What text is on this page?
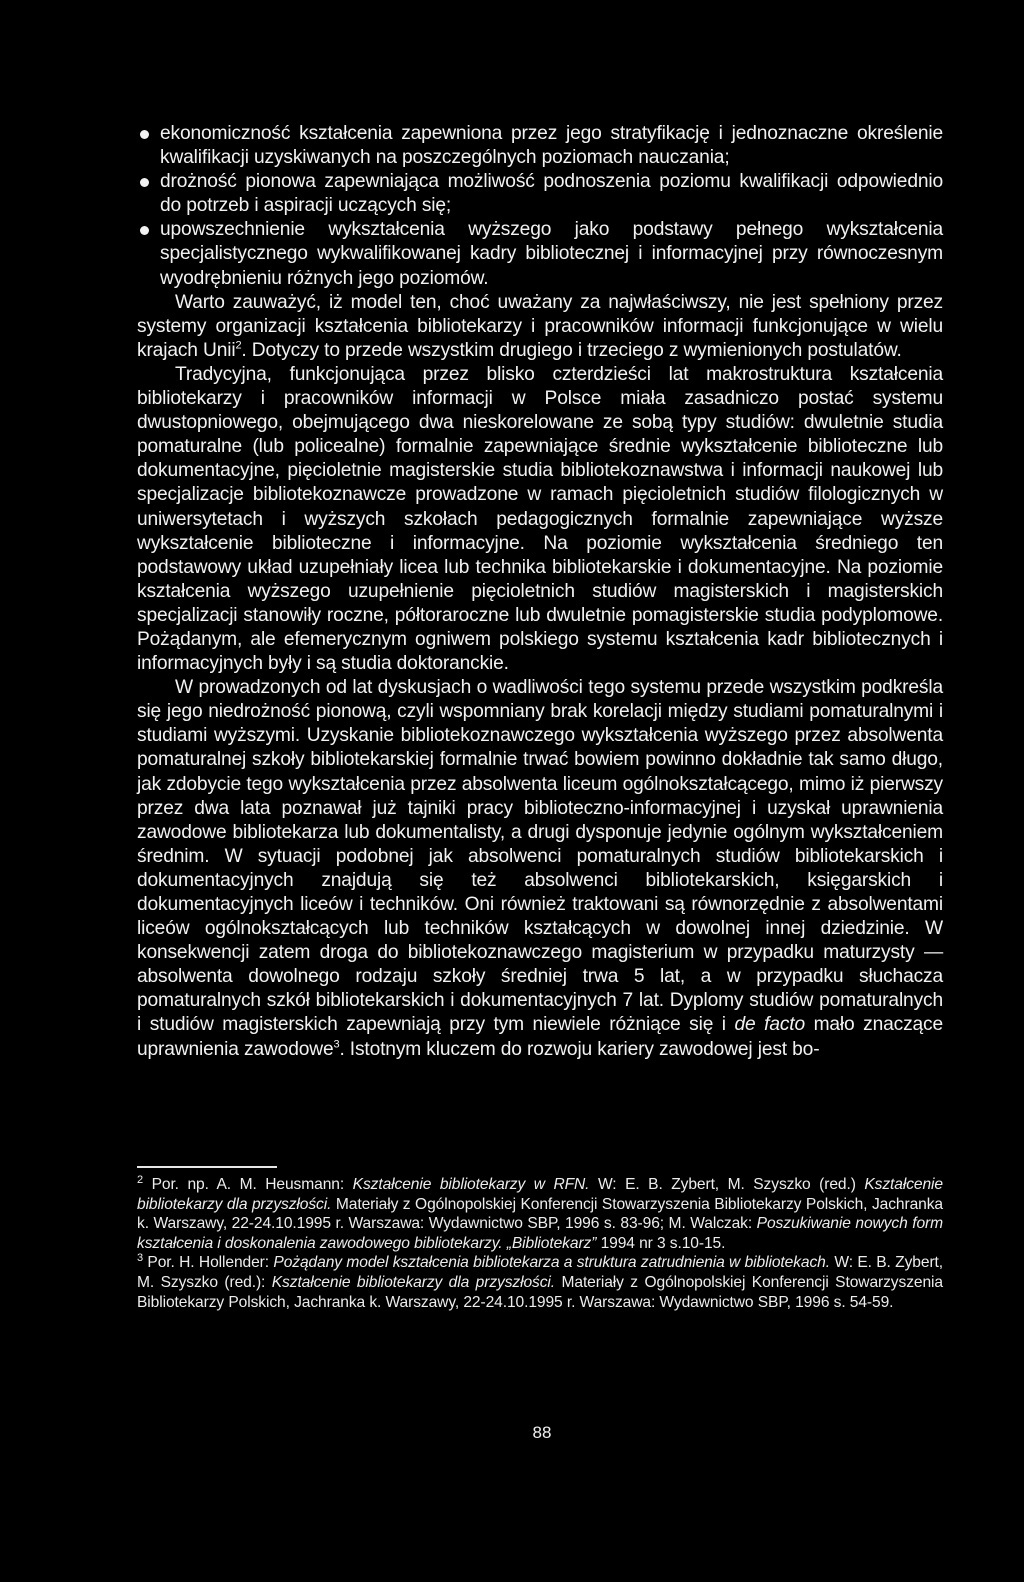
ekonomiczność kształcenia zapewniona przez jego stratyfikację i jednoznaczne określenie kwalifikacji uzyskiwanych na poszczególnych poziomach nauczania;
drożność pionowa zapewniająca możliwość podnoszenia poziomu kwalifikacji odpowiednio do potrzeb i aspiracji uczących się;
upowszechnienie wykształcenia wyższego jako podstawy pełnego wykształcenia specjalistycznego wykwalifikowanej kadry bibliotecznej i informacyjnej przy równoczesnym wyodrębnieniu różnych jego poziomów.

Warto zauważyć, iż model ten, choć uważany za najwłaściwszy, nie jest spełniony przez systemy organizacji kształcenia bibliotekarzy i pracowników informacji funkcjonujące w wielu krajach Unii$^2$. Dotyczy to przede wszystkim drugiego i trzeciego z wymienionych postulatów.

Tradycyjna, funkcjonująca przez blisko czterdzieści lat makrostruktura kształcenia bibliotekarzy i pracowników informacji w Polsce miała zasadniczo postać systemu dwustopniowego, obejmującego dwa nieskorelowane ze sobą typy studiów: dwuletnie studia pomaturalne (lub policealne) formalnie zapewniające średnie wykształcenie biblioteczne lub dokumentacyjne, pięcioletnie magisterskie studia bibliotekoznawstwa i informacji naukowej lub specjalizacje bibliotekoznawcze prowadzone w ramach pięcioletnich studiów filologicznych w uniwersytetach i wyższych szkołach pedagogicznych formalnie zapewniające wyższe wykształcenie biblioteczne i informacyjne. Na poziomie wykształcenia średniego ten podstawowy układ uzupełniały licea lub technika bibliotekarskie i dokumentacyjne. Na poziomie kształcenia wyższego uzupełnienie pięcioletnich studiów magisterskich i magisterskich specjalizacji stanowiły roczne, półtoraroczne lub dwuletnie pomagisterskie studia podyplomowe. Pożądanym, ale efemerycznym ogniwem polskiego systemu kształcenia kadr bibliotecznych i informacyjnych były i są studia doktoranckie.

W prowadzonych od lat dyskusjach o wadliwości tego systemu przede wszystkim podkreśla się jego niedrożność pionową, czyli wspomniany brak korelacji między studiami pomaturalnymi i studiami wyższymi. Uzyskanie bibliotekoznawczego wykształcenia wyższego przez absolwenta pomaturalnej szkoły bibliotekarskiej formalnie trwać bowiem powinno dokładnie tak samo długo, jak zdobycie tego wykształcenia przez absolwenta liceum ogólnokształcącego, mimo iż pierwszy przez dwa lata poznawał już tajniki pracy biblioteczno-informacyjnej i uzyskał uprawnienia zawodowe bibliotekarza lub dokumentalisty, a drugi dysponuje jedynie ogólnym wykształceniem średnim. W sytuacji podobnej jak absolwenci pomaturalnych studiów bibliotekarskich i dokumentacyjnych znajdują się też absolwenci bibliotekarskich, księgarskich i dokumentacyjnych liceów i techników. Oni również traktowani są równorzędnie z absolwentami liceów ogólnokształcących lub techników kształcących w dowolnej innej dziedzinie. W konsekwencji zatem droga do bibliotekoznawczego magisterium w przypadku maturzysty — absolwenta dowolnego rodzaju szkoły średniej trwa 5 lat, a w przypadku słuchacza pomaturalnych szkół bibliotekarskich i dokumentacyjnych 7 lat. Dyplomy studiów pomaturalnych i studiów magisterskich zapewniają przy tym niewiele różniące się i de facto mało znaczące uprawnienia zawodowe$^3$. Istotnym kluczem do rozwoju kariery zawodowej jest bo-

$^2$ Por. np. A. M. Heusmann: Kształcenie bibliotekarzy w RFN. W: E. B. Zybert, M. Szyszko (red.) Kształcenie bibliotekarzy dla przyszłości. Materiały z Ogólnopolskiej Konferencji Stowarzyszenia Bibliotekarzy Polskich, Jachranka k. Warszawy, 22-24.10.1995 r. Warszawa: Wydawnictwo SBP, 1996 s. 83-96; M. Walczak: Poszukiwanie nowych form kształcenia i doskonalenia zawodowego bibliotekarzy. „Bibliotekarz” 1994 nr 3 s.10-15.

$^3$ Por. H. Hollender: Pożądany model kształcenia bibliotekarza a struktura zatrudnienia w bibliotekach. W: E. B. Zybert, M. Szyszko (red.): Kształcenie bibliotekarzy dla przyszłości. Materiały z Ogólnopolskiej Konferencji Stowarzyszenia Bibliotekarzy Polskich, Jachranka k. Warszawy, 22-24.10.1995 r. Warszawa: Wydawnictwo SBP, 1996 s. 54-59.

88
